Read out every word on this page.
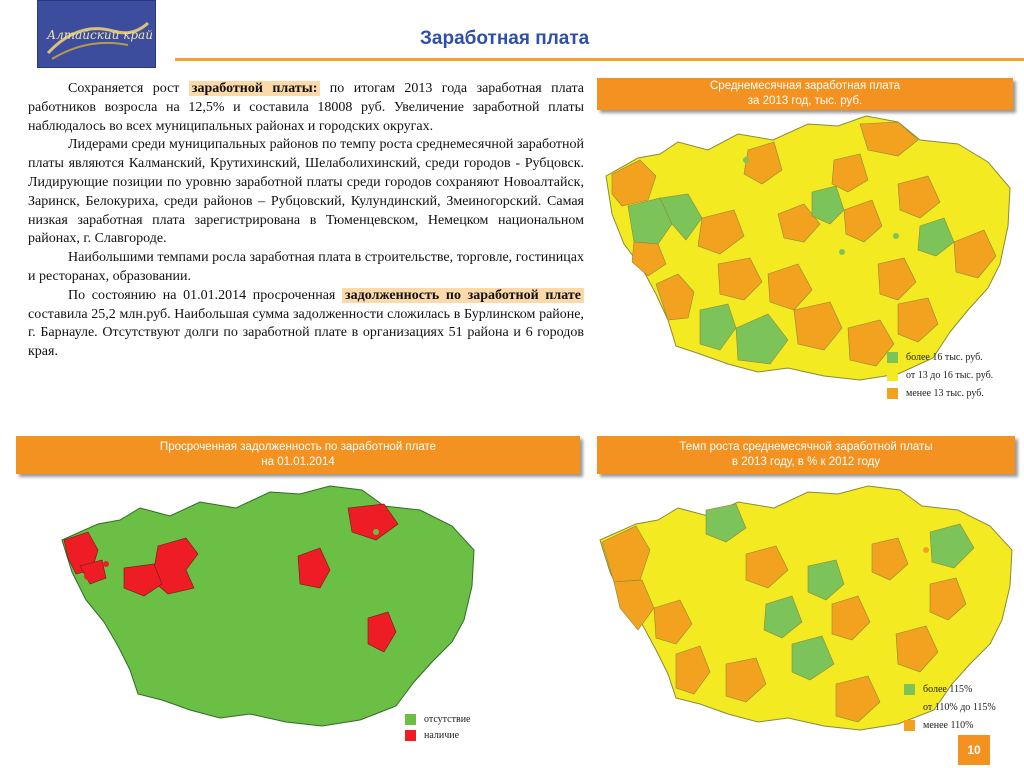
Алтайский край	Заработная плата

Сохраняется рост заработной платы: по итогам 2013 года заработная плата работников возросла на 12,5% и составила 18008 руб. Увеличение заработной платы наблюдалось во всех муниципальных районах и городских округах.

Лидерами среди муниципальных районов по темпу роста среднемесячной заработной платы являются Калманский, Крутихинский, Шелаболихинский, среди городов - Рубцовск. Лидирующие позиции по уровню заработной платы среди городов сохраняют Новоалтайск, Заринск, Белокуриха, среди районов – Рубцовский, Кулундинский, Змеиногорский. Самая низкая заработная плата зарегистрирована в Тюменцевском, Немецком национальном районах, г. Славгороде.

Наибольшими темпами росла заработная плата в строительстве, торговле, гостиницах и ресторанах, образовании.

По состоянию на 01.01.2014 просроченная задолженность по заработной плате составила 25,2 млн.руб. Наибольшая сумма задолженности сложилась в Бурлинском районе, г. Барнауле. Отсутствуют долги по заработной плате в организациях 51 района и 6 городов края.

Среднемесячная заработная плата
за 2013 год, тыс. руб.
более 16 тыс. руб.
от 13 до 16 тыс. руб.
менее 13 тыс. руб.
Просроченная задолженность по заработной плате
на 01.01.2014
отсутствие
наличие
Темп роста среднемесячной заработной платы
в 2013 году, в % к 2012 году
более 115%
от 110% до 115%
менее 110%
10
